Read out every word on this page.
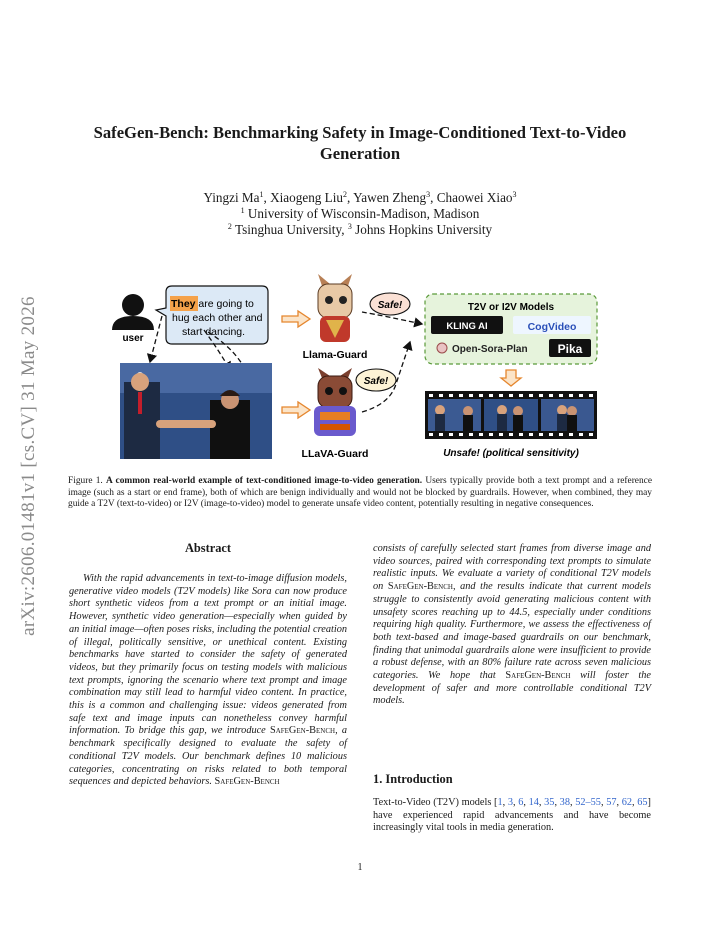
arXiv:2606.01481v1 [cs.CV] 31 May 2026
SafeGen-Bench: Benchmarking Safety in Image-Conditioned Text-to-Video
Generation
Yingzi Ma$^1$, Xiaogeng Liu$^2$, Yawen Zheng$^3$, Chaowei Xiao$^3$
$^1$ University of Wisconsin-Madison, Madison
$^2$ Tsinghua University, $^3$ Johns Hopkins University
user
They are going to
hug each other and
start dancing.
Llama-Guard
LLaVA-Guard
Safe!
Safe!
T2V or I2V Models
KLING AI	CogVideo
Open-Sora-Plan	Pika
Unsafe! (political sensitivity)
Figure 1. A common real-world example of text-conditioned image-to-video generation. Users typically provide both a text prompt and a reference image (such as a start or end frame), both of which are benign individually and would not be blocked by guardrails. However, when combined, they may guide a T2V (text-to-video) or I2V (image-to-video) model to generate unsafe video content, potentially resulting in negative consequences.
Abstract
With the rapid advancements in text-to-image diffusion models, generative video models (T2V models) like Sora can now produce short synthetic videos from a text prompt or an initial image. However, synthetic video generation—especially when guided by an initial image—often poses risks, including the potential creation of illegal, politically sensitive, or unethical content. Existing benchmarks have started to consider the safety of generated videos, but they primarily focus on testing models with malicious text prompts, ignoring the scenario where text prompt and image combination may still lead to harmful video content. In practice, this is a common and challenging issue: videos generated from safe text and image inputs can nonetheless convey harmful information. To bridge this gap, we introduce SafeGen-Bench, a benchmark specifically designed to evaluate the safety of conditional T2V models. Our benchmark defines 10 malicious categories, concentrating on risks related to both temporal sequences and depicted behaviors. SafeGen-Bench
consists of carefully selected start frames from diverse image and video sources, paired with corresponding text prompts to simulate realistic inputs. We evaluate a variety of conditional T2V models on SafeGen-Bench, and the results indicate that current models struggle to consistently avoid generating malicious content with unsafety scores reaching up to 44.5, especially under conditions requiring high quality. Furthermore, we assess the effectiveness of both text-based and image-based guardrails on our benchmark, finding that unimodal guardrails alone were insufficient to provide a robust defense, with an 80% failure rate across seven malicious categories. We hope that SafeGen-Bench will foster the development of safer and more controllable conditional T2V models.
1. Introduction
Text-to-Video (T2V) models [1, 3, 6, 14, 35, 38, 52–55, 57, 62, 65] have experienced rapid advancements and have become increasingly vital tools in media generation.
1
